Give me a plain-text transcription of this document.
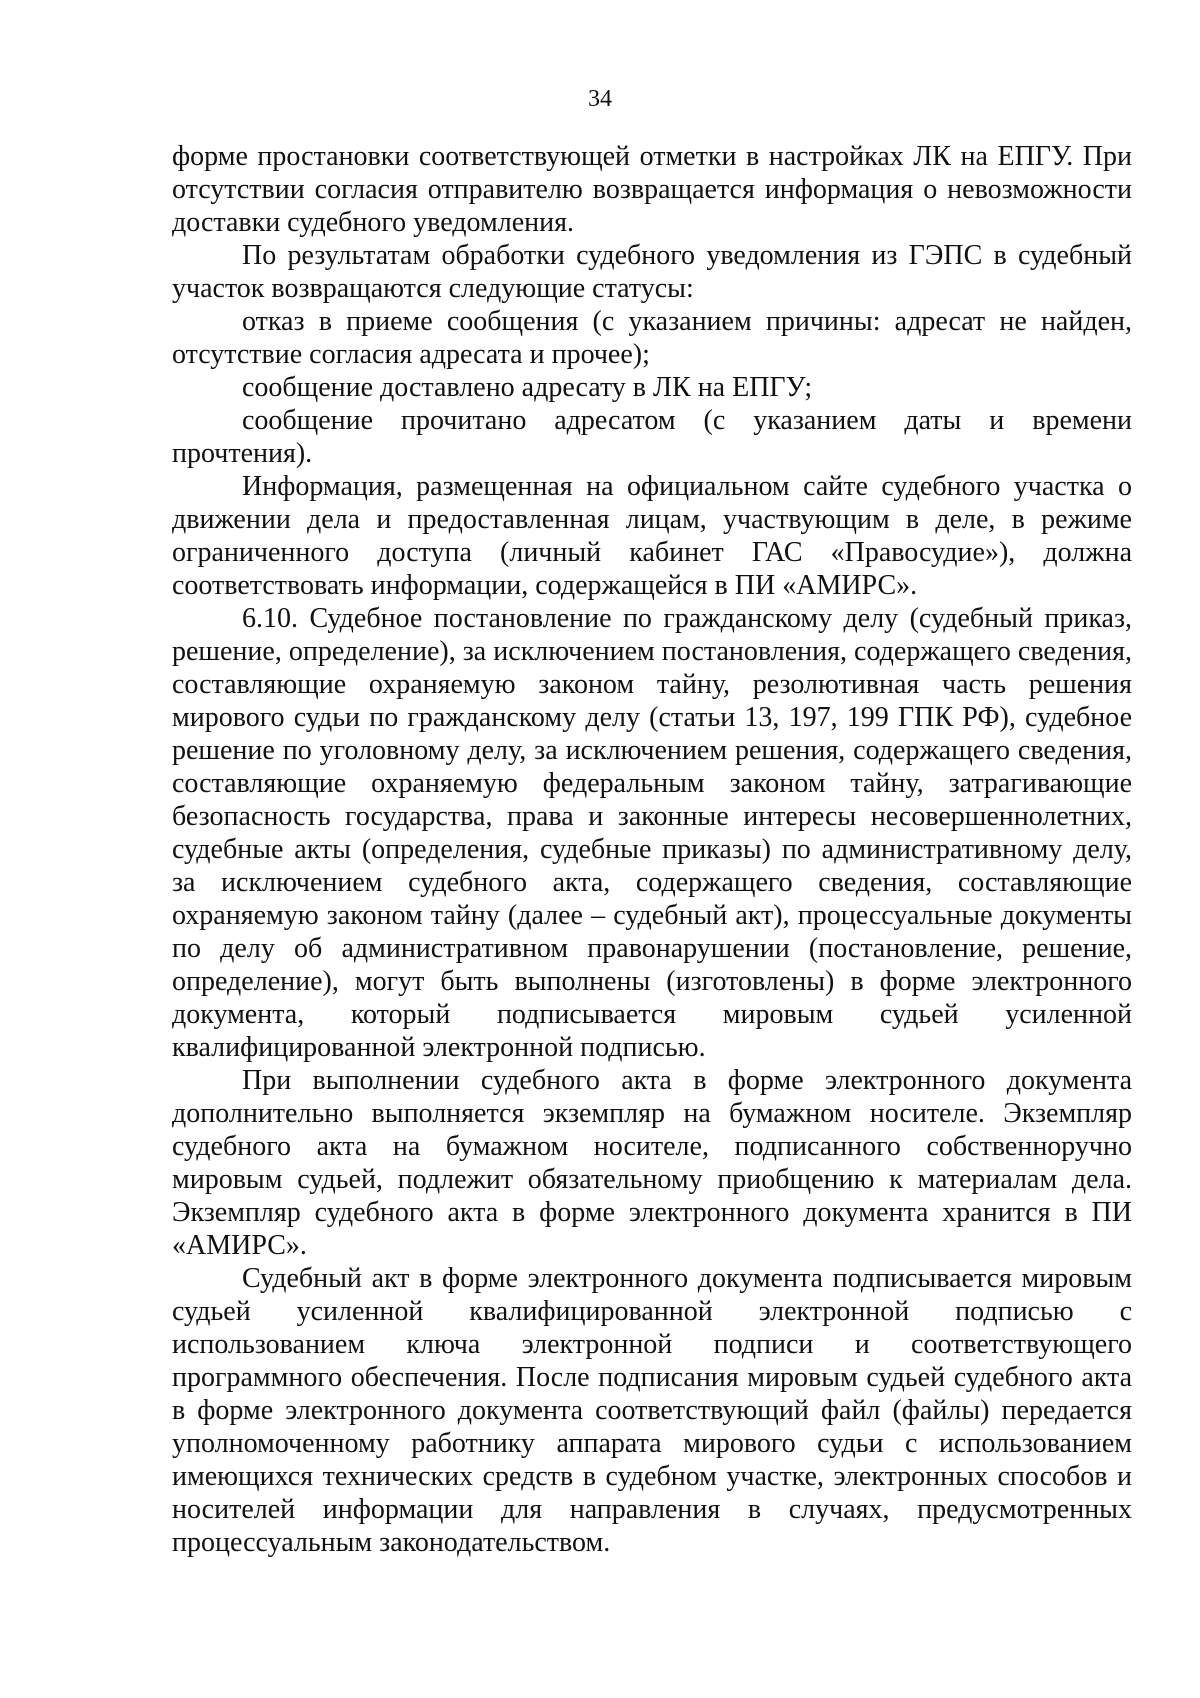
34

форме простановки соответствующей отметки в настройках ЛК на ЕПГУ. При отсутствии согласия отправителю возвращается информация о невозможности доставки судебного уведомления.

По результатам обработки судебного уведомления из ГЭПС в судебный участок возвращаются следующие статусы:

отказ в приеме сообщения (с указанием причины: адресат не найден, отсутствие согласия адресата и прочее);

сообщение доставлено адресату в ЛК на ЕПГУ;

сообщение прочитано адресатом (с указанием даты и времени прочтения).

Информация, размещенная на официальном сайте судебного участка о движении дела и предоставленная лицам, участвующим в деле, в режиме ограниченного доступа (личный кабинет ГАС «Правосудие»), должна соответствовать информации, содержащейся в ПИ «АМИРС».

6.10. Судебное постановление по гражданскому делу (судебный приказ, решение, определение), за исключением постановления, содержащего сведения, составляющие охраняемую законом тайну, резолютивная часть решения мирового судьи по гражданскому делу (статьи 13, 197, 199 ГПК РФ), судебное решение по уголовному делу, за исключением решения, содержащего сведения, составляющие охраняемую федеральным законом тайну, затрагивающие безопасность государства, права и законные интересы несовершеннолетних, судебные акты (определения, судебные приказы) по административному делу, за исключением судебного акта, содержащего сведения, составляющие охраняемую законом тайну (далее – судебный акт), процессуальные документы по делу об административном правонарушении (постановление, решение, определение), могут быть выполнены (изготовлены) в форме электронного документа, который подписывается мировым судьей усиленной квалифицированной электронной подписью.

При выполнении судебного акта в форме электронного документа дополнительно выполняется экземпляр на бумажном носителе. Экземпляр судебного акта на бумажном носителе, подписанного собственноручно мировым судьей, подлежит обязательному приобщению к материалам дела. Экземпляр судебного акта в форме электронного документа хранится в ПИ «АМИРС».

Судебный акт в форме электронного документа подписывается мировым судьей усиленной квалифицированной электронной подписью с использованием ключа электронной подписи и соответствующего программного обеспечения. После подписания мировым судьей судебного акта в форме электронного документа соответствующий файл (файлы) передается уполномоченному работнику аппарата мирового судьи с использованием имеющихся технических средств в судебном участке, электронных способов и носителей информации для направления в случаях, предусмотренных процессуальным законодательством.
